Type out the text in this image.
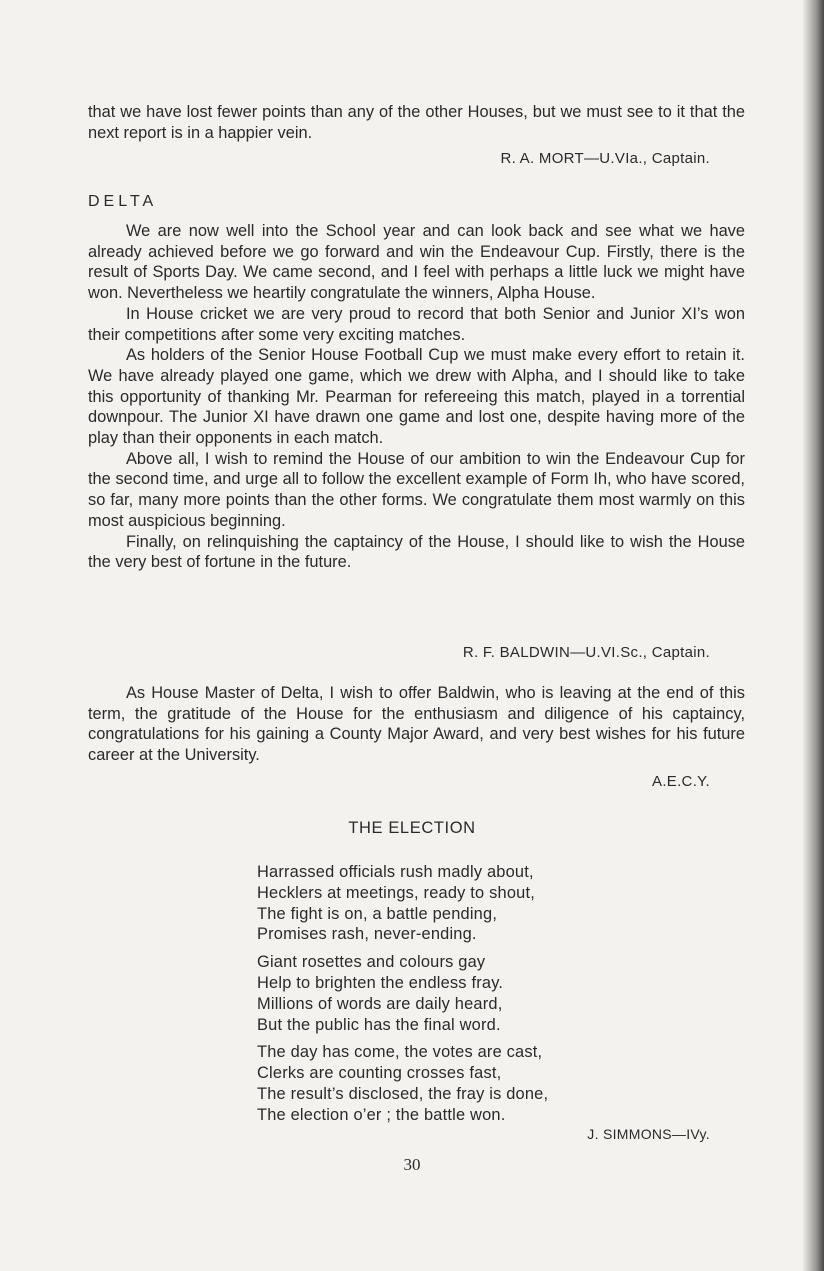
that we have lost fewer points than any of the other Houses, but we must see to it that the next report is in a happier vein.

R. A. MORT—U.VIa., Captain.
DELTA

We are now well into the School year and can look back and see what we have already achieved before we go forward and win the Endeavour Cup. Firstly, there is the result of Sports Day. We came second, and I feel with perhaps a little luck we might have won. Nevertheless we heartily congratulate the winners, Alpha House.

In House cricket we are very proud to record that both Senior and Junior XI’s won their competitions after some very exciting matches.

As holders of the Senior House Football Cup we must make every effort to retain it. We have already played one game, which we drew with Alpha, and I should like to take this opportunity of thanking Mr. Pearman for refereeing this match, played in a torrential downpour. The Junior XI have drawn one game and lost one, despite having more of the play than their opponents in each match.

Above all, I wish to remind the House of our ambition to win the Endeavour Cup for the second time, and urge all to follow the excellent example of Form Ih, who have scored, so far, many more points than the other forms. We congratulate them most warmly on this most auspicious beginning.

Finally, on relinquishing the captaincy of the House, I should like to wish the House the very best of fortune in the future.

R. F. BALDWIN—U.VI.Sc., Captain.

As House Master of Delta, I wish to offer Baldwin, who is leaving at the end of this term, the gratitude of the House for the enthusiasm and diligence of his captaincy, congratulations for his gaining a County Major Award, and very best wishes for his future career at the University.

A.E.C.Y.
THE ELECTION
Harrassed officials rush madly about,
Hecklers at meetings, ready to shout,
The fight is on, a battle pending,
Promises rash, never-ending.
Giant rosettes and colours gay
Help to brighten the endless fray.
Millions of words are daily heard,
But the public has the final word.
The day has come, the votes are cast,
Clerks are counting crosses fast,
The result’s disclosed, the fray is done,
The election o’er ; the battle won.
J. SIMMONS—IVy.
30
